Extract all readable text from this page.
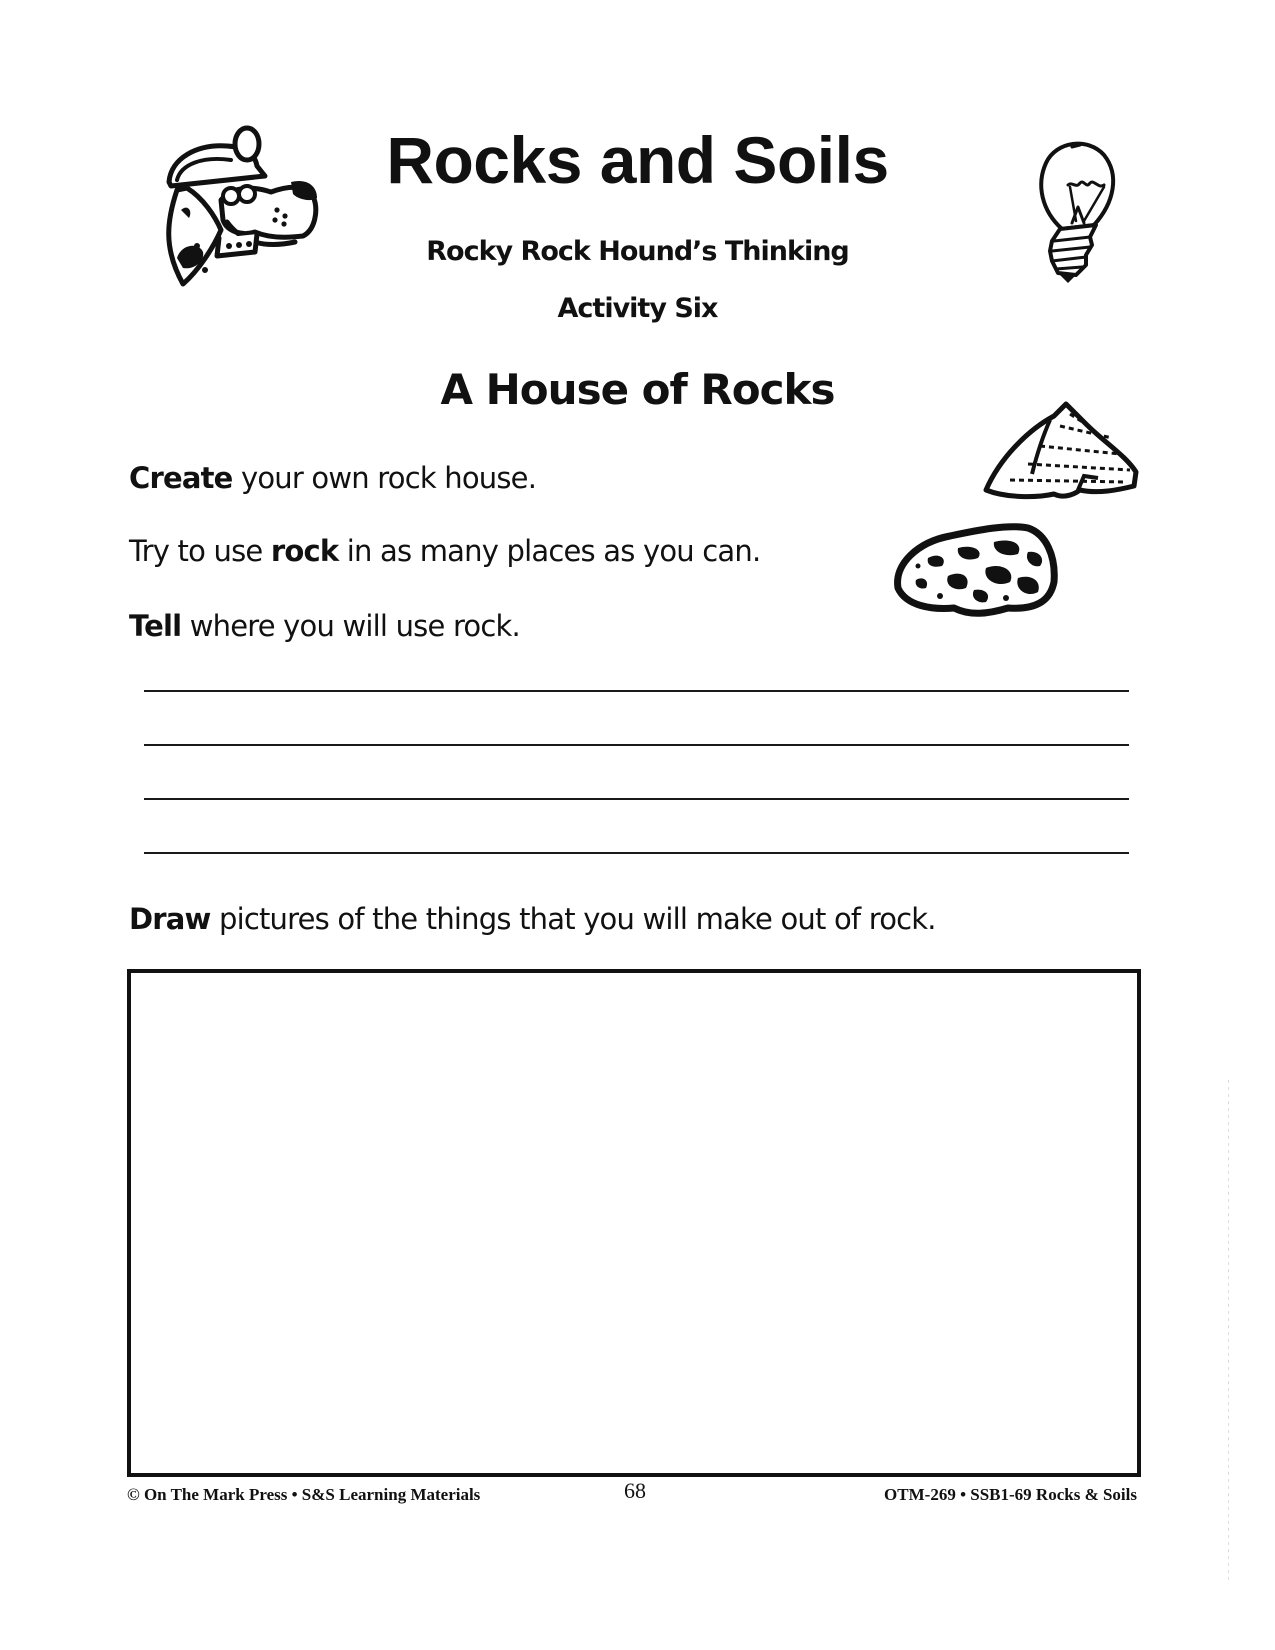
Rocks and Soils
Rocky Rock Hound’s Thinking
Activity Six
A House of Rocks
Create your own rock house.
Try to use rock in as many places as you can.
Tell where you will use rock.
Draw pictures of the things that you will make out of rock.
© On The Mark Press • S&S Learning Materials	68	OTM-269 • SSB1-69 Rocks & Soils
